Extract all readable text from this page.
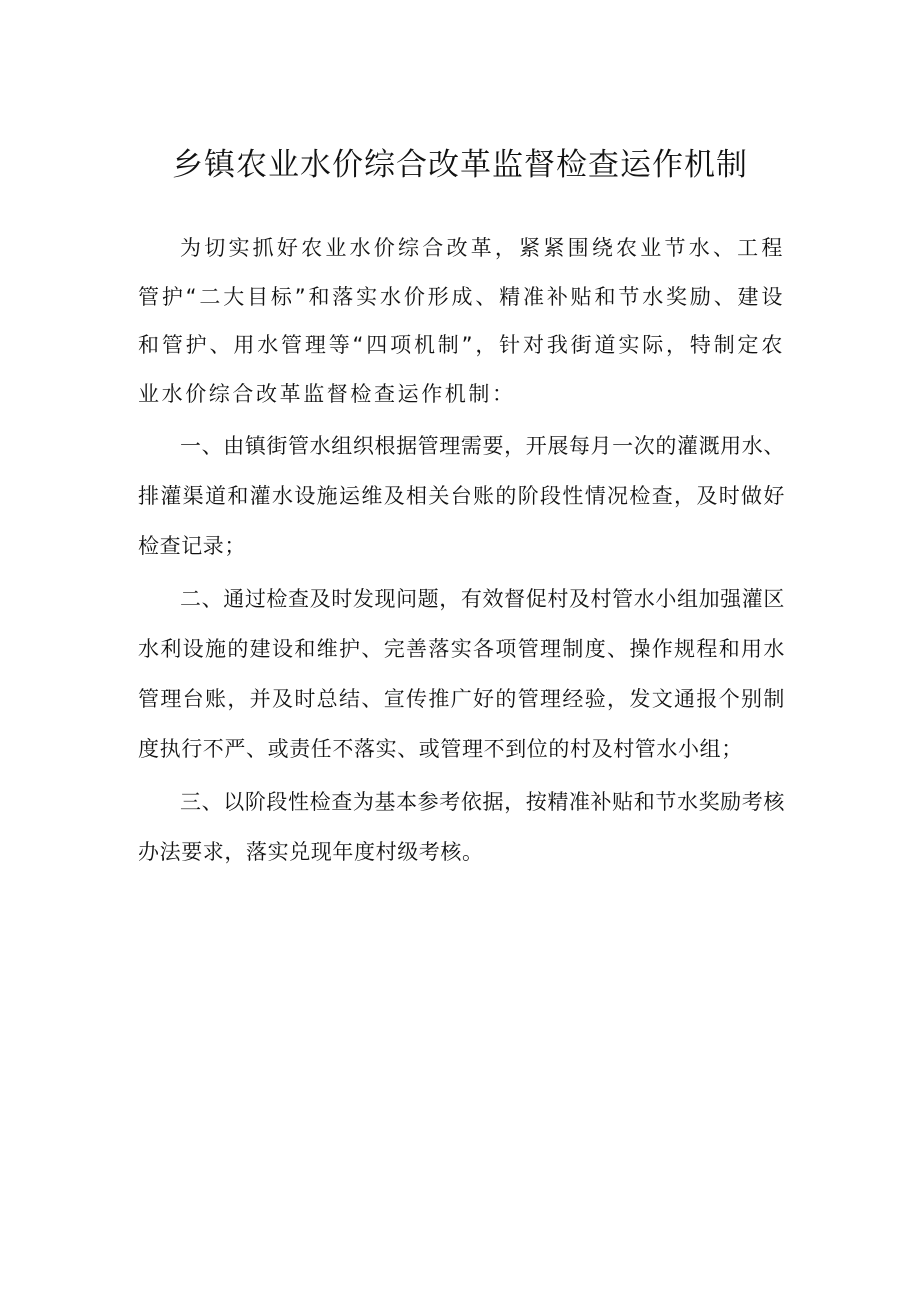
乡镇农业水价综合改革监督检查运作机制

为切实抓好农业水价综合改革，紧紧围绕农业节水、工程管护“二大目标”和落实水价形成、精准补贴和节水奖励、建设和管护、用水管理等“四项机制”，针对我街道实际，特制定农业水价综合改革监督检查运作机制：

一、由镇街管水组织根据管理需要，开展每月一次的灌溉用水、排灌渠道和灌水设施运维及相关台账的阶段性情况检查，及时做好检查记录；

二、通过检查及时发现问题，有效督促村及村管水小组加强灌区水利设施的建设和维护、完善落实各项管理制度、操作规程和用水管理台账，并及时总结、宣传推广好的管理经验，发文通报个别制度执行不严、或责任不落实、或管理不到位的村及村管水小组；

三、以阶段性检查为基本参考依据，按精准补贴和节水奖励考核办法要求，落实兑现年度村级考核。
